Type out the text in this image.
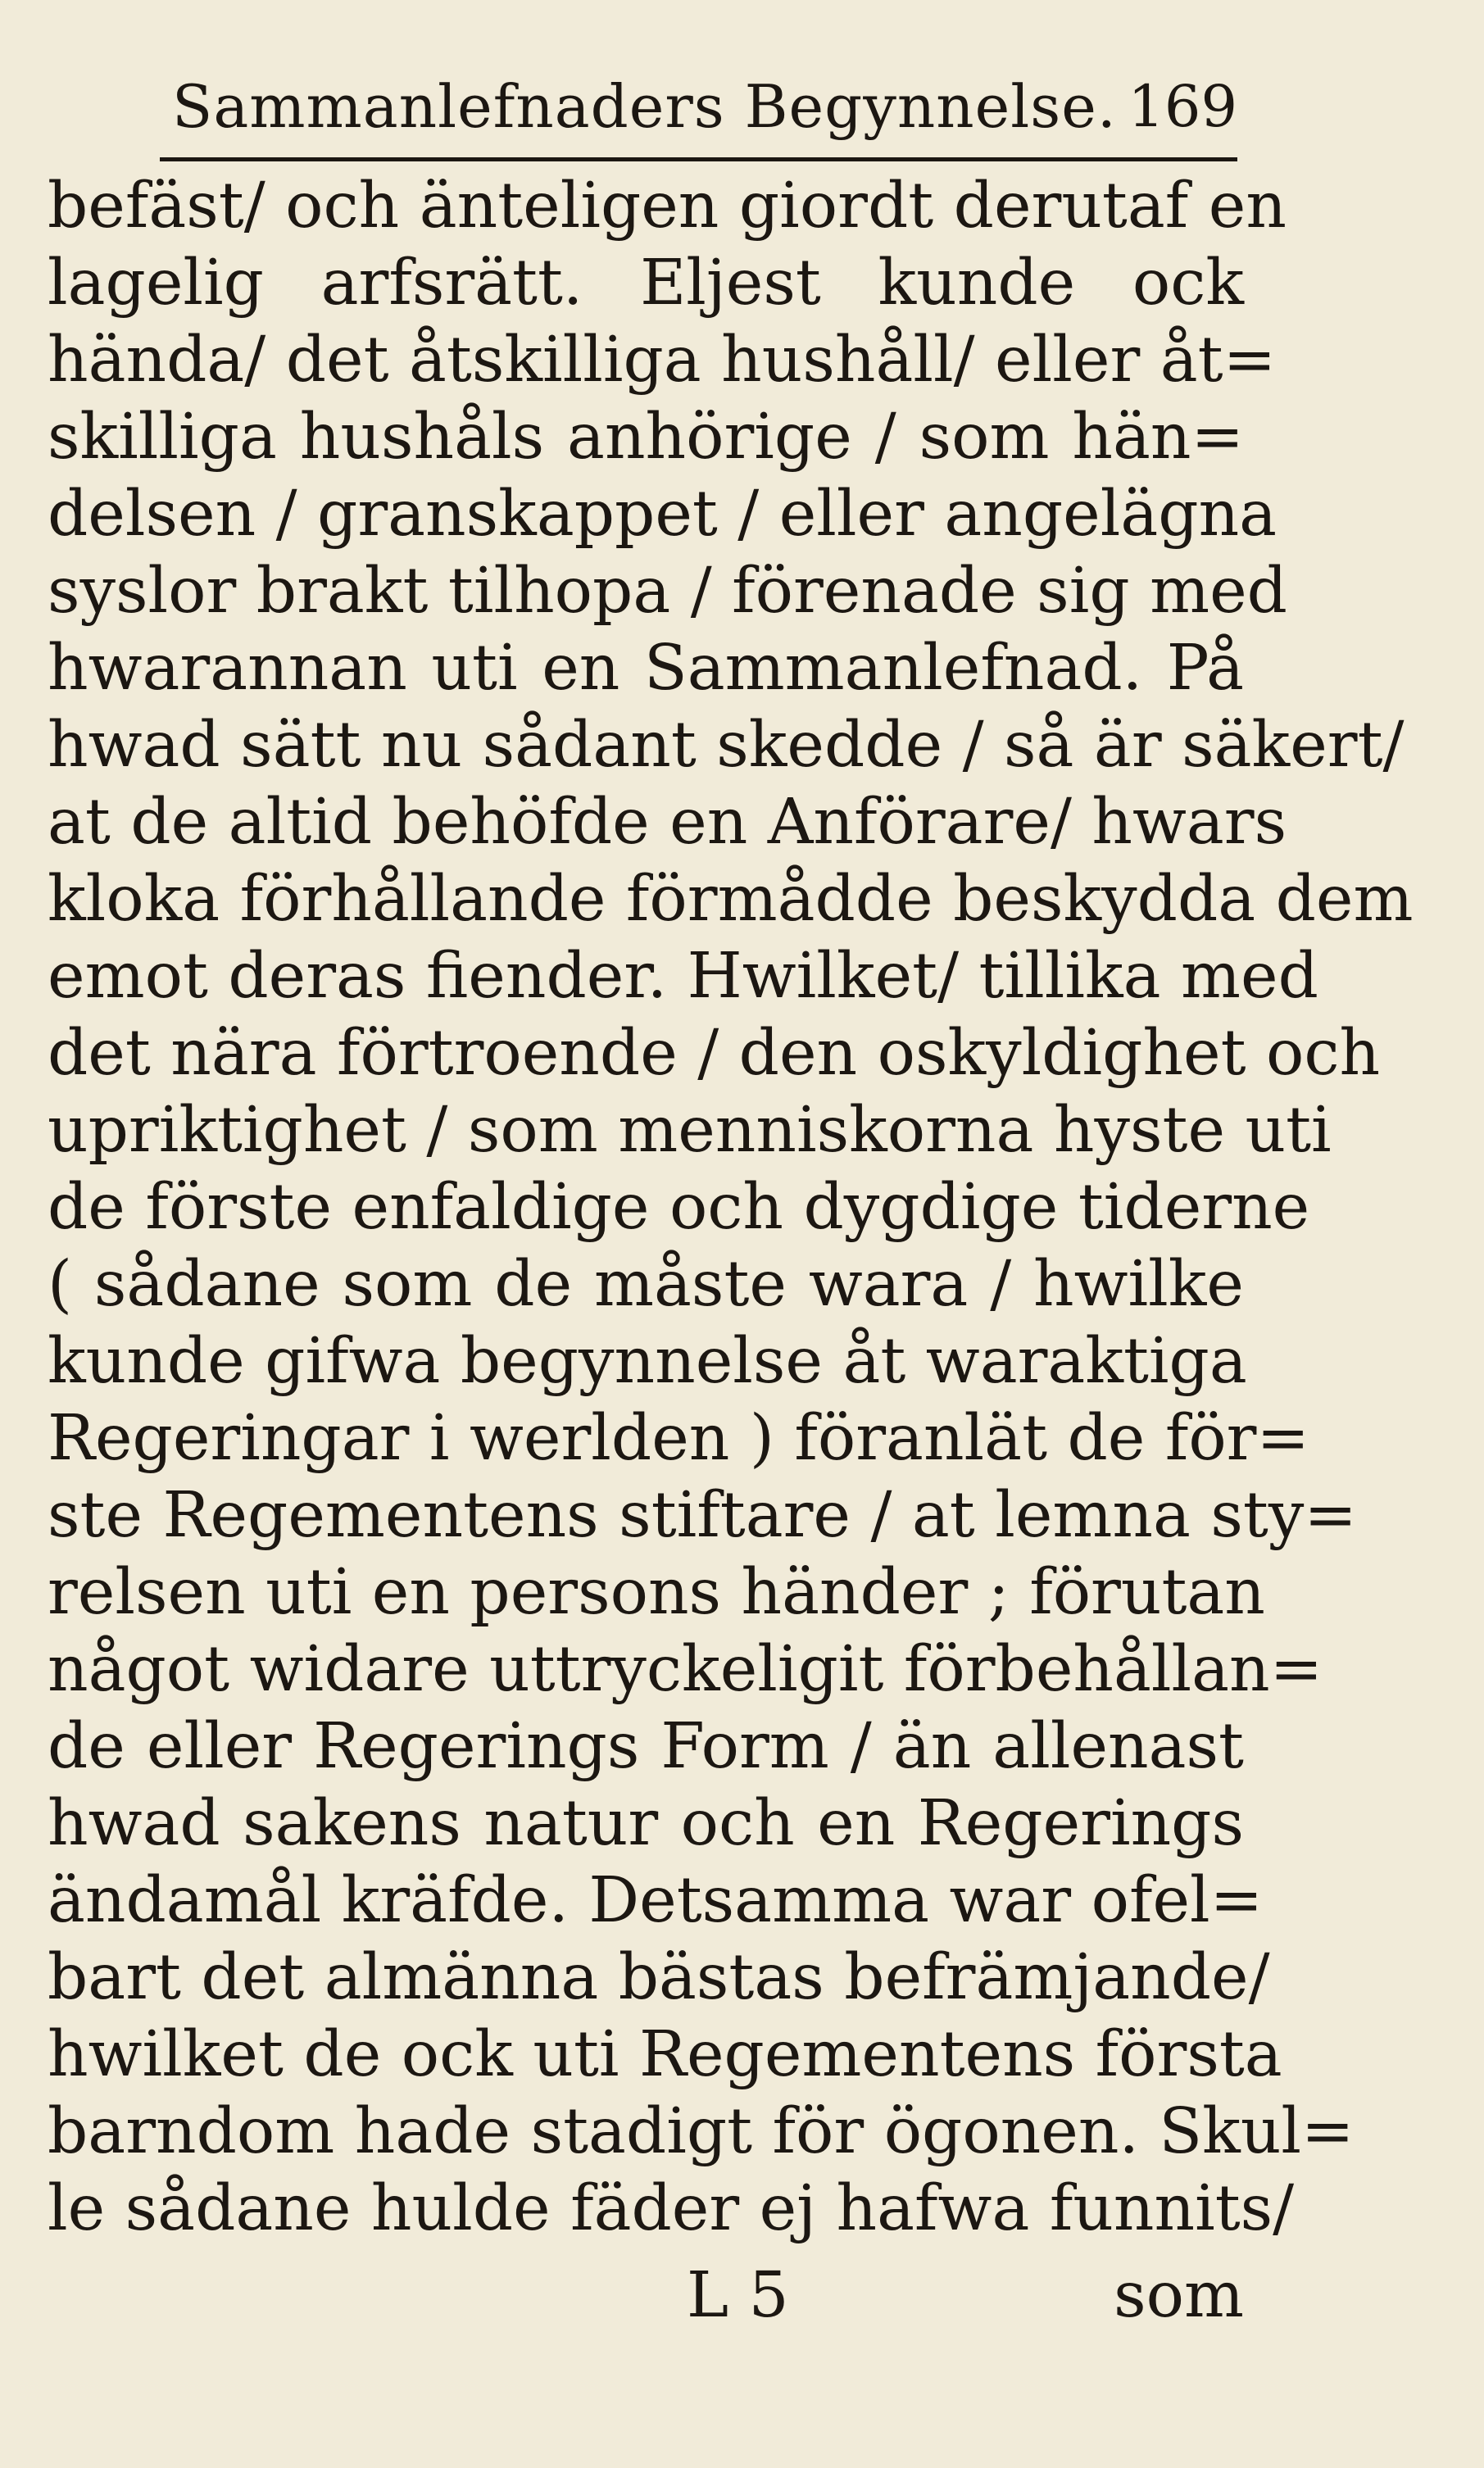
Sammanlefnaders Begynnelse. 169
befäst/ och änteligen giordt derutaf en
lagelig arfsrätt. Eljest kunde ock
hända/ det åtskilliga hushåll/ eller åt=
skilliga hushåls anhörige / som hän=
delsen / granskappet / eller angelägna
syslor brakt tilhopa / förenade sig med
hwarannan uti en Sammanlefnad. På
hwad sätt nu sådant skedde / så är säkert/
at de altid behöfde en Anförare/ hwars
kloka förhållande förmådde beskydda dem
emot deras fiender. Hwilket/ tillika med
det nära förtroende / den oskyldighet och
upriktighet / som menniskorna hyste uti
de förste enfaldige och dygdige tiderne
( sådane som de måste wara / hwilke
kunde gifwa begynnelse åt waraktiga
Regeringar i werlden ) föranlät de för=
ste Regementens stiftare / at lemna sty=
relsen uti en persons händer ; förutan
något widare uttryckeligit förbehållan=
de eller Regerings Form / än allenast
hwad sakens natur och en Regerings
ändamål kräfde. Detsamma war ofel=
bart det almänna bästas befrämjande/
hwilket de ock uti Regementens första
barndom hade stadigt för ögonen. Skul=
le sådane hulde fäder ej hafwa funnits/
L 5	som
